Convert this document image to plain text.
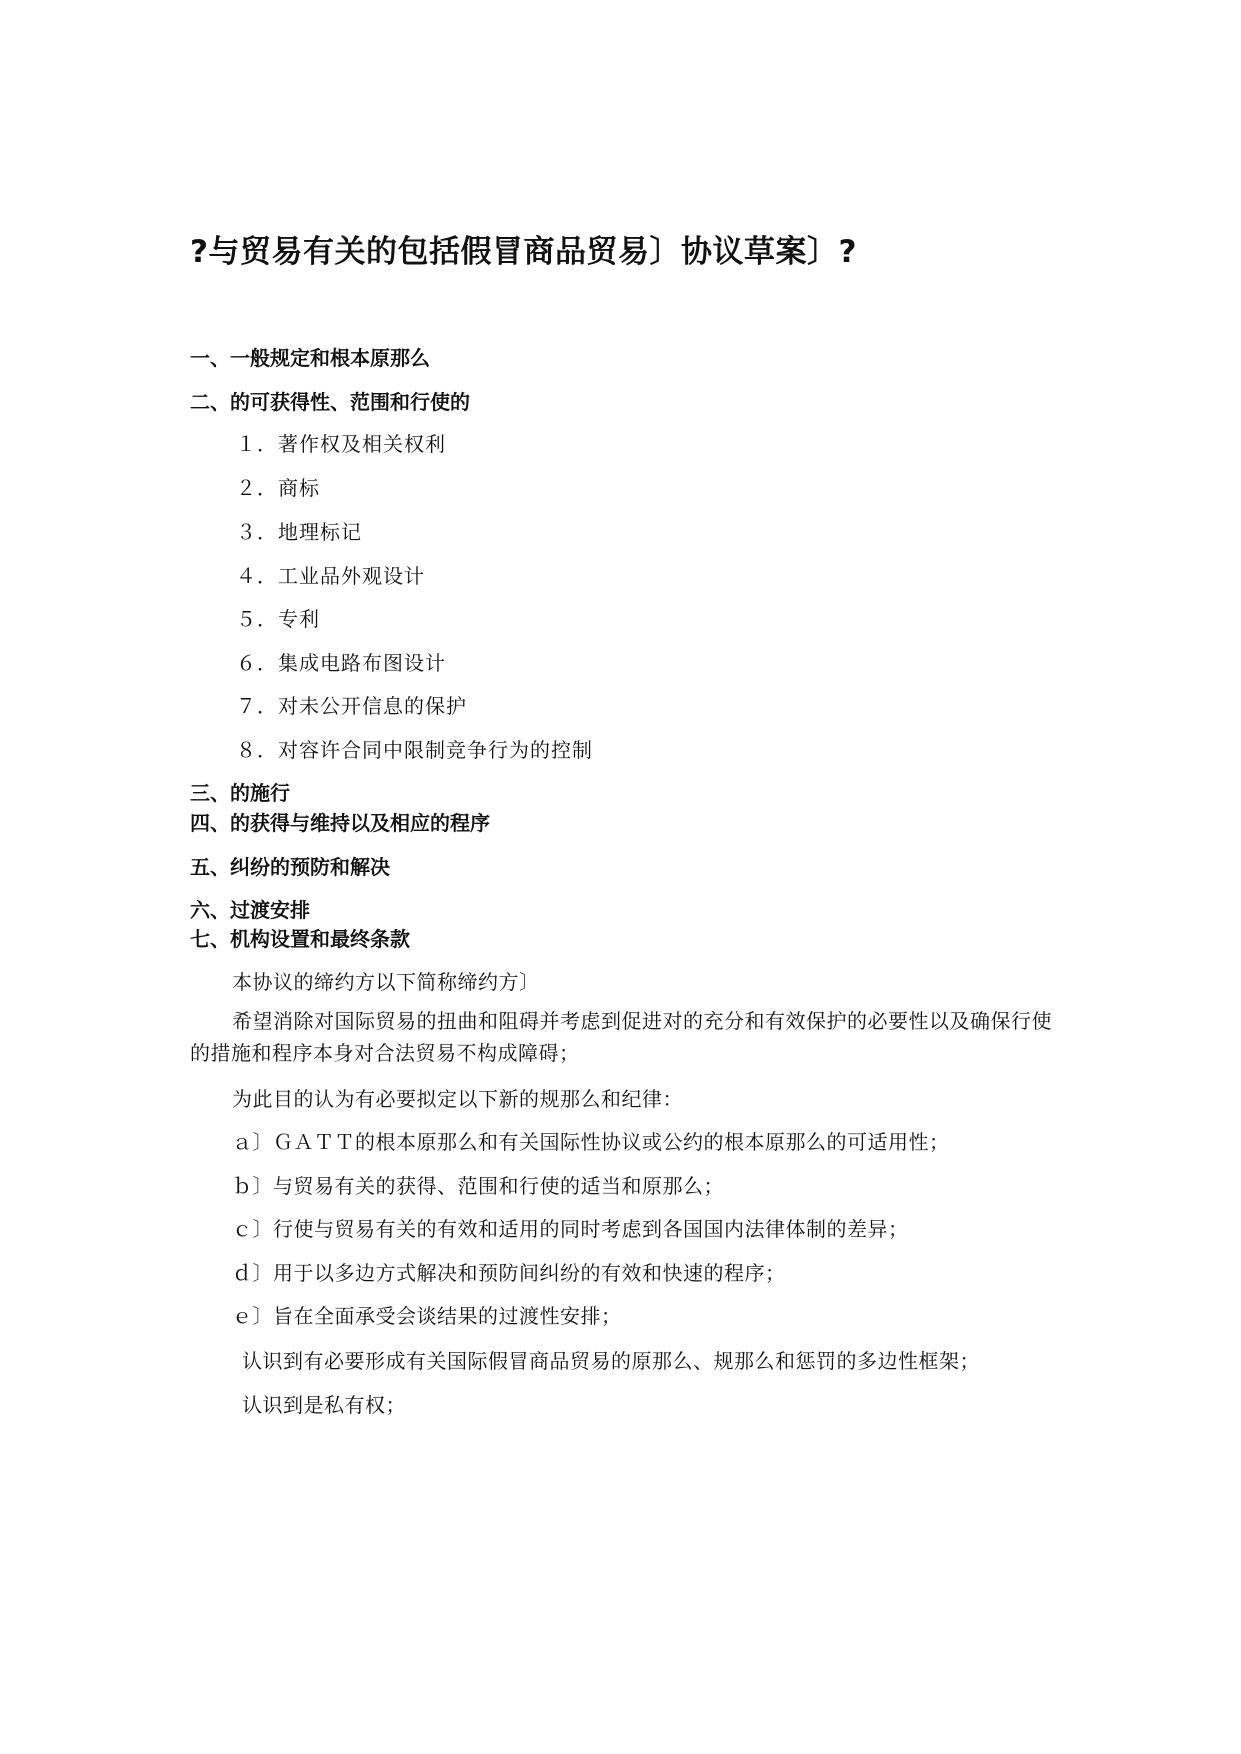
?与贸易有关的包括假冒商品贸易〕协议草案〕?
一、一般规定和根本原那么
二、的可获得性、范围和行使的
１．著作权及相关权利
２．商标
３．地理标记
４．工业品外观设计
５．专利
６．集成电路布图设计
７．对未公开信息的保护
８．对容许合同中限制竞争行为的控制
三、的施行
四、的获得与维持以及相应的程序
五、纠纷的预防和解决
六、过渡安排
七、机构设置和最终条款
本协议的缔约方以下简称缔约方〕
希望消除对国际贸易的扭曲和阻碍并考虑到促进对的充分和有效保护的必要性以及确保行使的措施和程序本身对合法贸易不构成障碍；
为此目的认为有必要拟定以下新的规那么和纪律：
ａ〕ＧＡＴＴ的根本原那么和有关国际性协议或公约的根本原那么的可适用性；
ｂ〕与贸易有关的获得、范围和行使的适当和原那么；
ｃ〕行使与贸易有关的有效和适用的同时考虑到各国国内法律体制的差异；
ｄ〕用于以多边方式解决和预防间纠纷的有效和快速的程序；
ｅ〕旨在全面承受会谈结果的过渡性安排；
认识到有必要形成有关国际假冒商品贸易的原那么、规那么和惩罚的多边性框架；
认识到是私有权；
